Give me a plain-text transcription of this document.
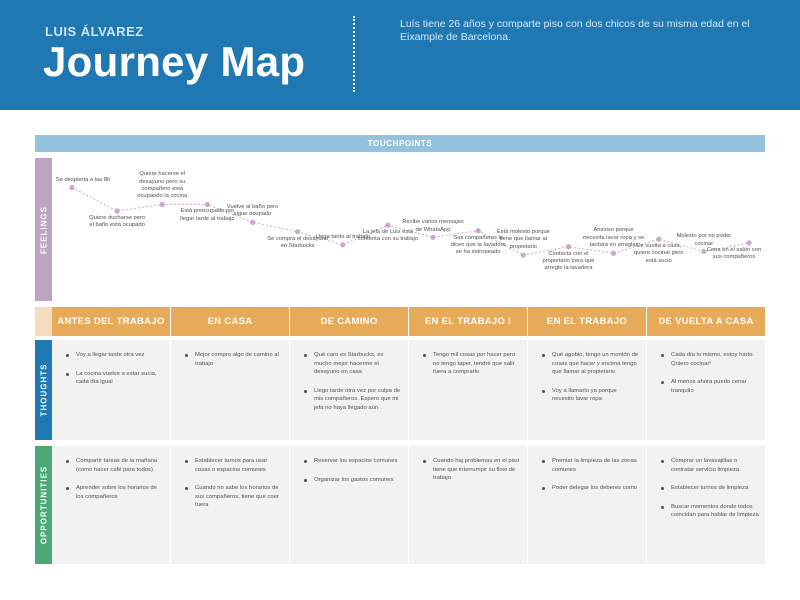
LUIS ÁLVAREZ
Journey Map
Luís tiene 26 años y comparte piso con dos chicos de su misma edad en el Eixample de Barcelona.
TOUCHPOINTS
FEELINGS
Se despierta a las 8h
Quiere ducharse pero el baño está ocupado
Quiere hacerse el desayuno pero su compañero está ocupando la cocina
Está preocupado por llegar tarde al trabajo
Vuelve al baño pero sigue ocupado
Se compra el desayuno en Starbucks
Llega tarde al trabajo
La jefa de Luis está contenta con su trabajo
Recibe varios mensajes de WhatsApp
Sus compañeros le dicen que la lavadora se ha estropeado
Está molesto porque tiene que llamar al propietario
Contacta con el propietario para que arregle la lavadora
Ansioso porque necesita lavar ropa y se tardará en arreglar
De vuelta a casa, quiere cocinar pero está sucio
Molesto por no poder cocinar
Cena en el salón con sus compañeros
ANTES DEL TRABAJO
Voy a llegar tarde otra vez
La cocina vuelve a estar sucia, cada día igual
Compartir tareas de la mañana (como hacer café para todos)
Aprender sobre los horarios de los compañeros
EN CASA
Mejor compro algo de camino al trabajo
Establecer turnos para usar cosas o espacios comunes
Cuando no sabe los horarios de sus compañeros, tiene que coer fuera
DE CAMINO
Qué caro es Starbucks, es mucho mejor hacerme el desayuno en casa
Llego tarde otra vez por culpa de mis compañeros. Espero que mi jefa no haya llegado aún
Reservar los espacios comunes
Organizar los gastos comunes
EN EL TRABAJO I
Tengo mil cosas por hacer pero no tengo taper, tendré que salir fuera a comprarlo
Cuando haj problemas en el piso tiene que interrumpir su flow de trabajo
EN EL TRABAJO
Qué agobio, tengo un montón de cosas que hacer y encima tengo que llamar al propietario
Voy a llamarlo ya porque necesito lavar ropa
Premiar la limpieza de las zonas comunes
Poder delegar los deberes como
DE VUELTA A CASA
Cada día lo mismo, estoy harto. Quiero cocinar!
Al menos ahora puedo cenar tranquilo
Comprar un lavavajillas o contratar servicio limpieza
Establecer turnos de limpieza
Buscar momentos donde todos coincidan para hablar de limpieza
THOUGHTS
OPPORTUNITIES
